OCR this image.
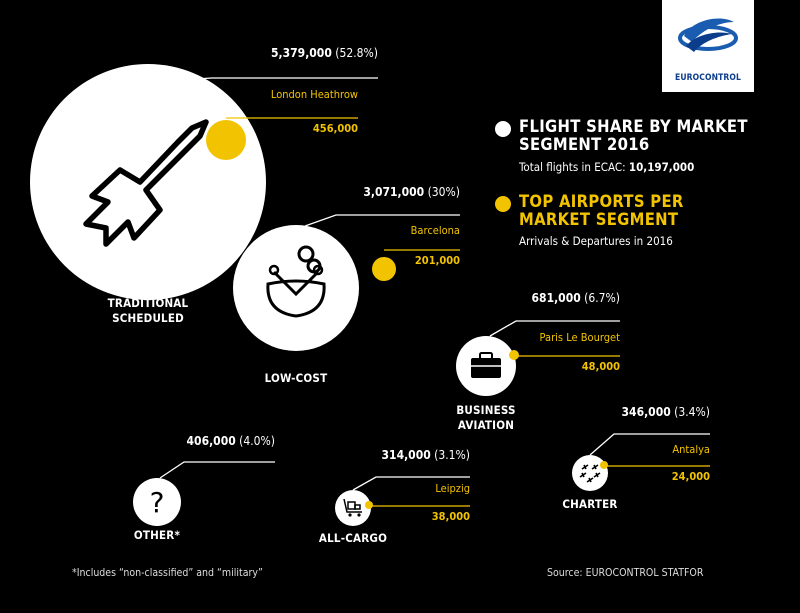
?
EUROCONTROL
FLIGHT SHARE BY MARKET SEGMENT 2016
Total flights in ECAC: 10,197,000
TOP AIRPORTS PER MARKET SEGMENT
Arrivals & Departures in 2016
*Includes “non-classified” and “military”	Source: EUROCONTROL STATFOR
5,379,000 (52.8%)
London Heathrow
456,000
TRADITIONAL
SCHEDULED
3,071,000 (30%)
Barcelona
201,000
LOW-COST
681,000 (6.7%)
Paris Le Bourget
48,000
BUSINESS
AVIATION
346,000 (3.4%)
Antalya
24,000
CHARTER
406,000 (4.0%)
OTHER*
314,000 (3.1%)
Leipzig
38,000
ALL-CARGO
